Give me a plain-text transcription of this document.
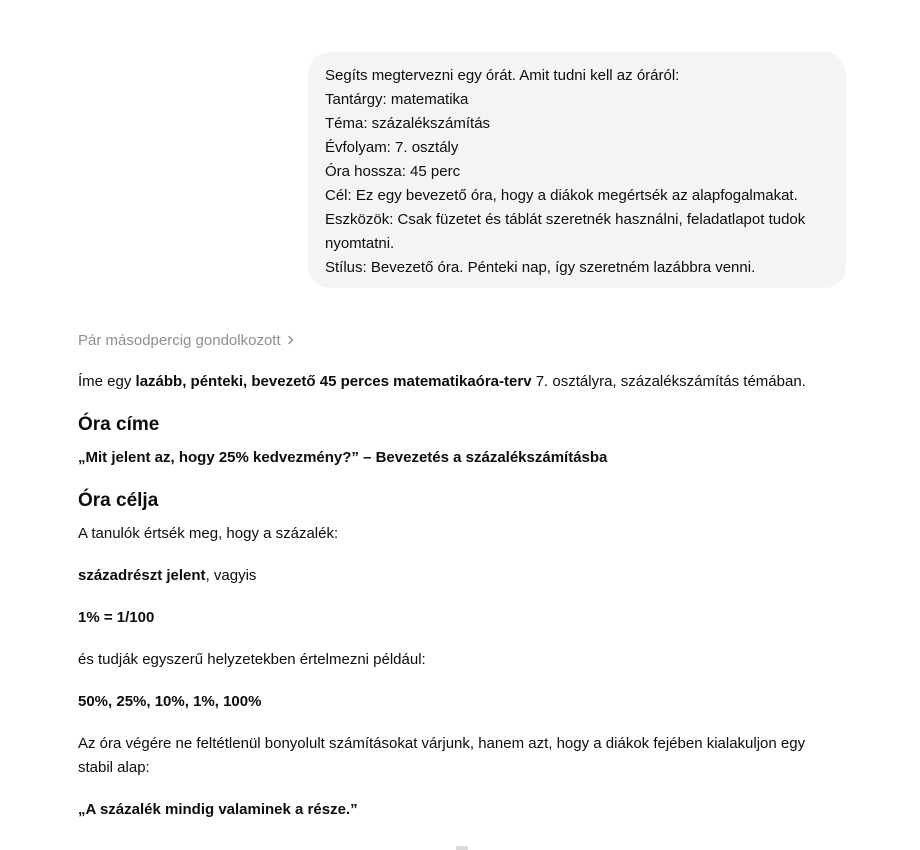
Segíts megtervezni egy órát. Amit tudni kell az óráról:
Tantárgy: matematika
Téma: százalékszámítás
Évfolyam: 7. osztály
Óra hossza: 45 perc
Cél: Ez egy bevezető óra, hogy a diákok megértsék az alapfogalmakat.
Eszközök: Csak füzetet és táblát szeretnék használni, feladatlapot tudok nyomtatni.
Stílus: Bevezető óra. Pénteki nap, így szeretném lazábbra venni.
Pár másodpercig gondolkozott

Íme egy lazább, pénteki, bevezető 45 perces matematikaóra-terv 7. osztályra, százalékszámítás témában.

Óra címe

„Mit jelent az, hogy 25% kedvezmény?” – Bevezetés a százalékszámításba

Óra célja

A tanulók értsék meg, hogy a százalék:

századrészt jelent, vagyis

1% = 1/100

és tudják egyszerű helyzetekben értelmezni például:

50%, 25%, 10%, 1%, 100%

Az óra végére ne feltétlenül bonyolult számításokat várjunk, hanem azt, hogy a diákok fejében kialakuljon egy stabil alap:

„A százalék mindig valaminek a része.”
